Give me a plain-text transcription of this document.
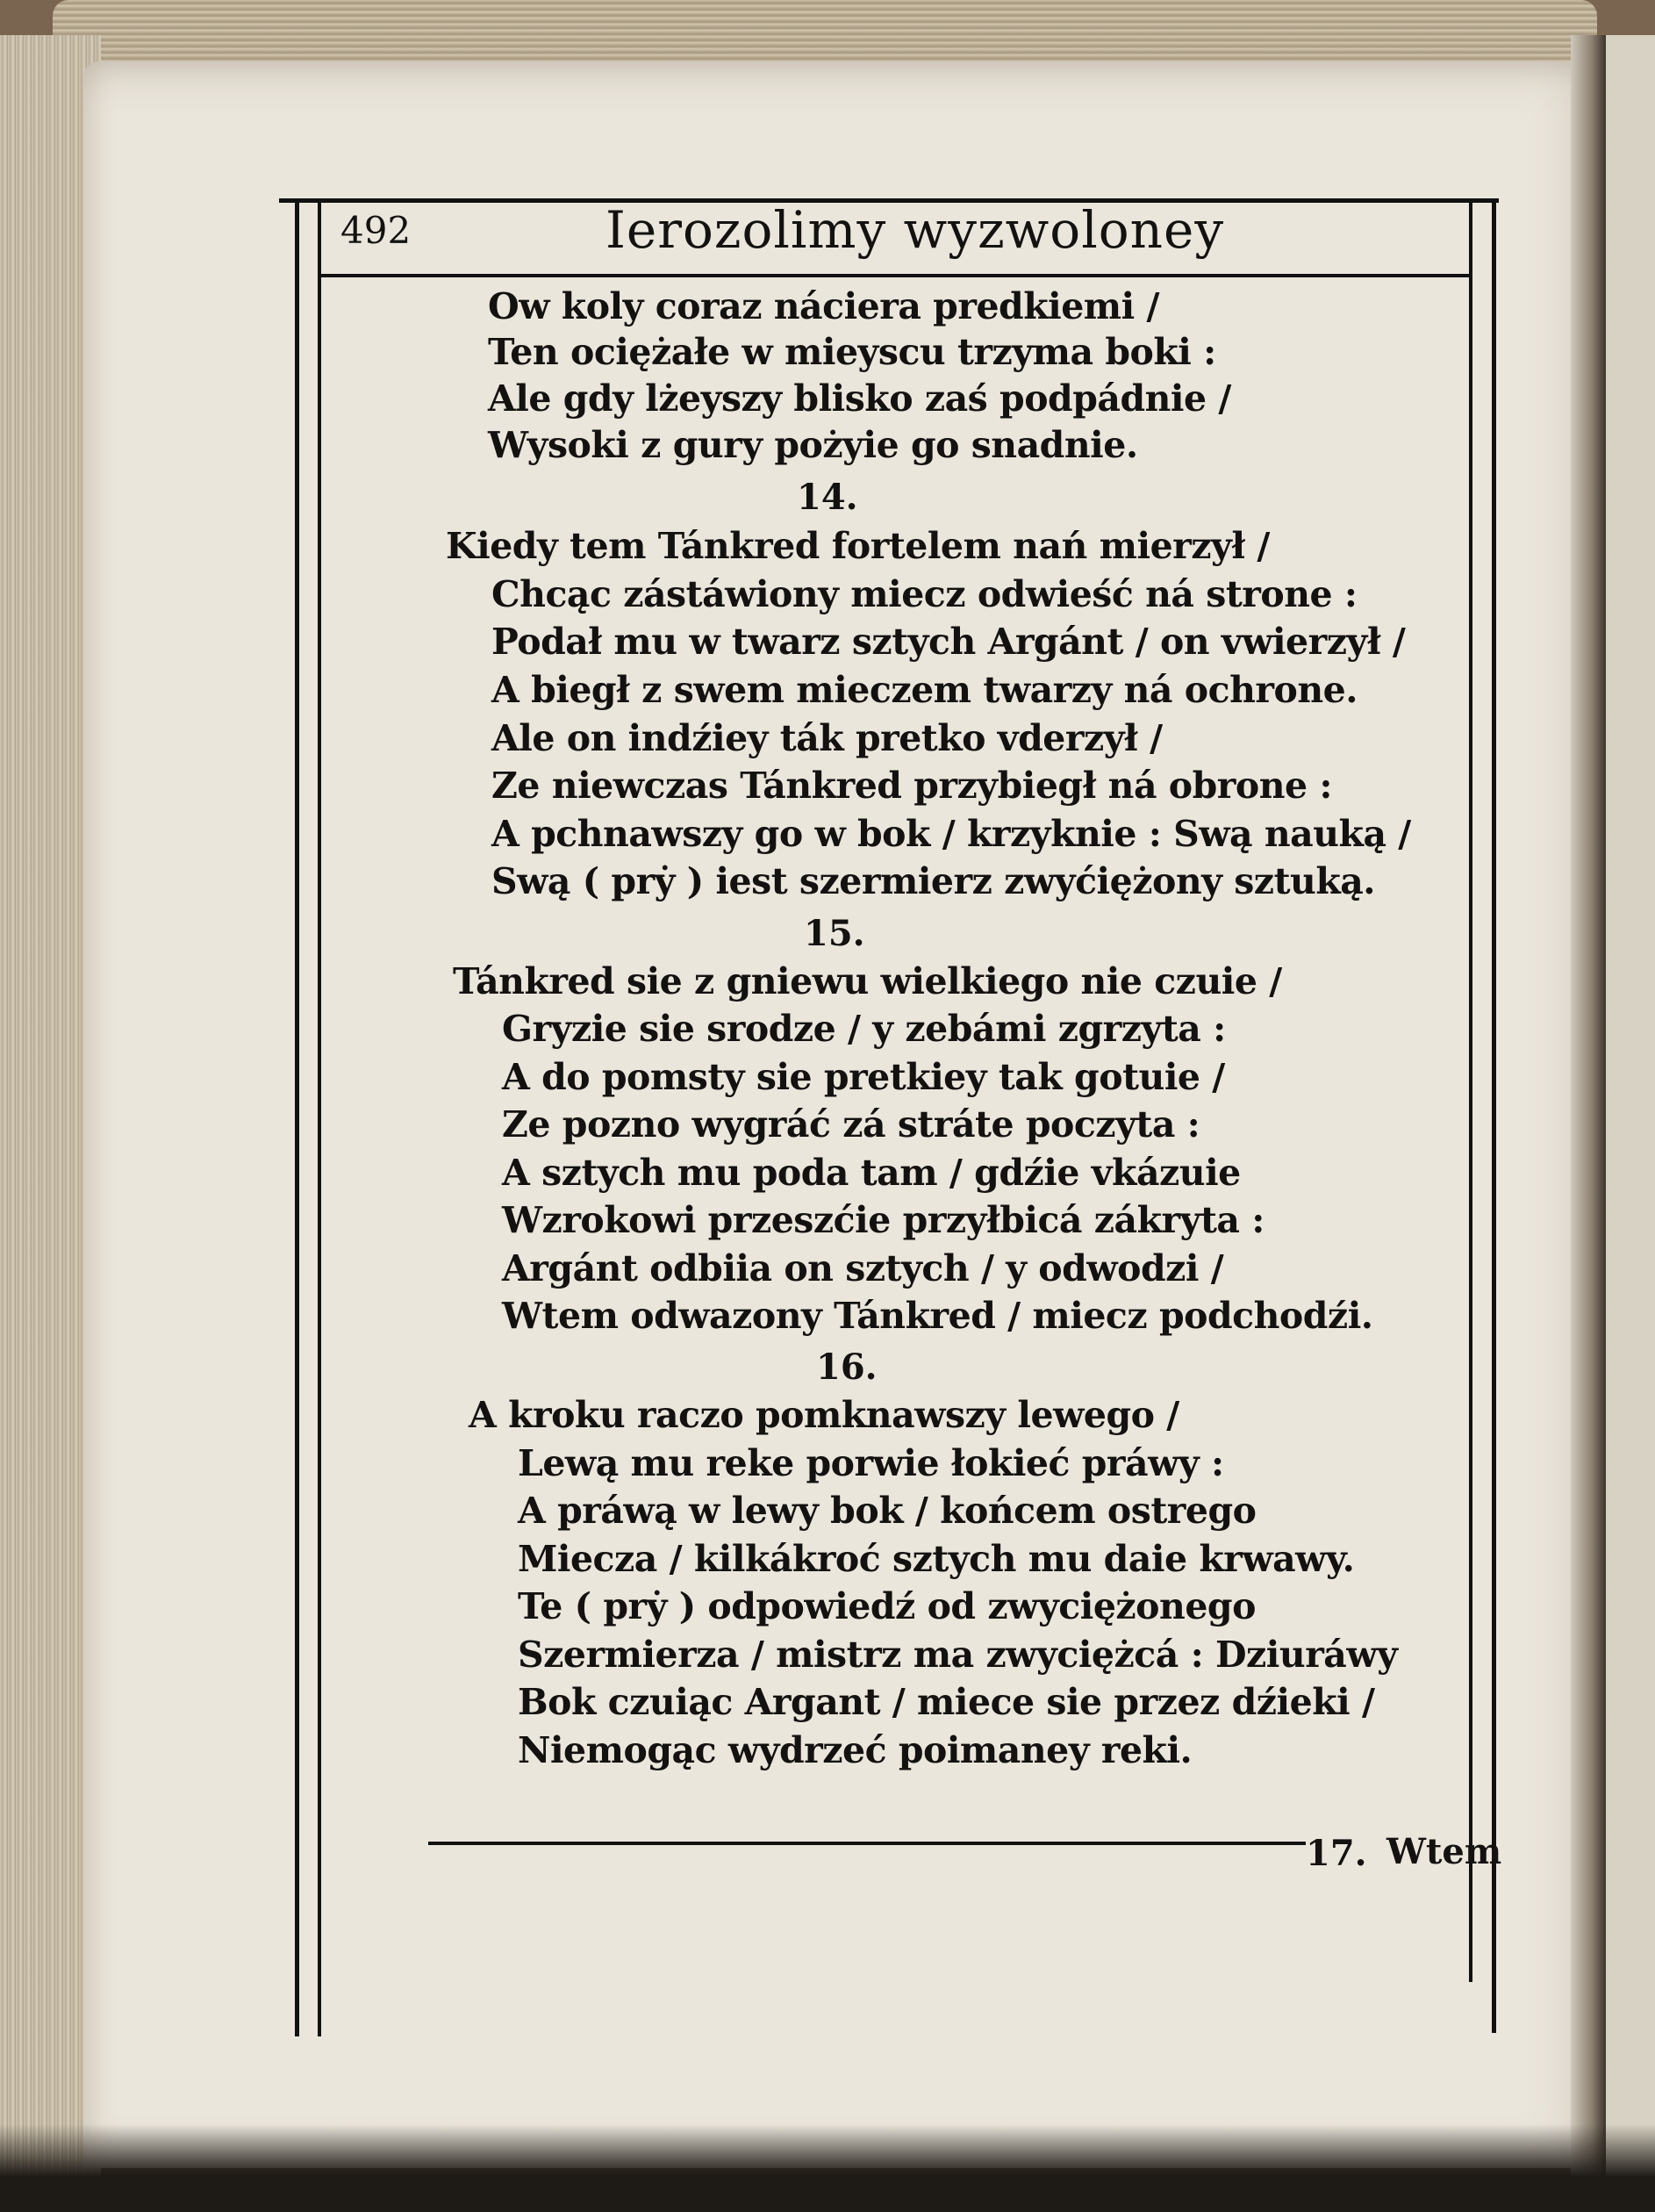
492	Ierozolimy wyzwoloney
Ow koly coraz náciera predkiemi /
Ten ociężałe w mieyscu trzyma boki :
Ale gdy lżeyszy blisko zaś podpádnie /
Wysoki z gury pożyie go snadnie.
14.
Kiedy tem Tánkred fortelem nań mierzył /
Chcąc zástáwiony miecz odwieść ná strone :
Podał mu w twarz sztych Argánt / on vwierzył /
A biegł z swem mieczem twarzy ná ochrone.
Ale on indźiey ták pretko vderzył /
Ze niewczas Tánkred przybiegł ná obrone :
A pchnawszy go w bok / krzyknie : Swą nauką /
Swą ( prẏ ) iest szermierz zwyćiężony sztuką.
15.
Tánkred sie z gniewu wielkiego nie czuie /
Gryzie sie srodze / y zebámi zgrzyta :
A do pomsty sie pretkiey tak gotuie /
Ze pozno wygráć zá stráte poczyta :
A sztych mu poda tam / gdźie vkázuie
Wzrokowi przeszćie przyłbicá zákryta :
Argánt odbiia on sztych / y odwodzi /
Wtem odwazony Tánkred / miecz podchodźi.
16.
A kroku raczo pomknawszy lewego /
Lewą mu reke porwie łokieć práwy :
A práwą w lewy bok / końcem ostrego
Miecza / kilkákroć sztych mu daie krwawy.
Te ( prẏ ) odpowiedź od zwyciężonego
Szermierza / mistrz ma zwyciężcá : Dziuráwy
Bok czuiąc Argant / miece sie przez dźieki /
Niemogąc wydrzeć poimaney reki.
17. Wtem
